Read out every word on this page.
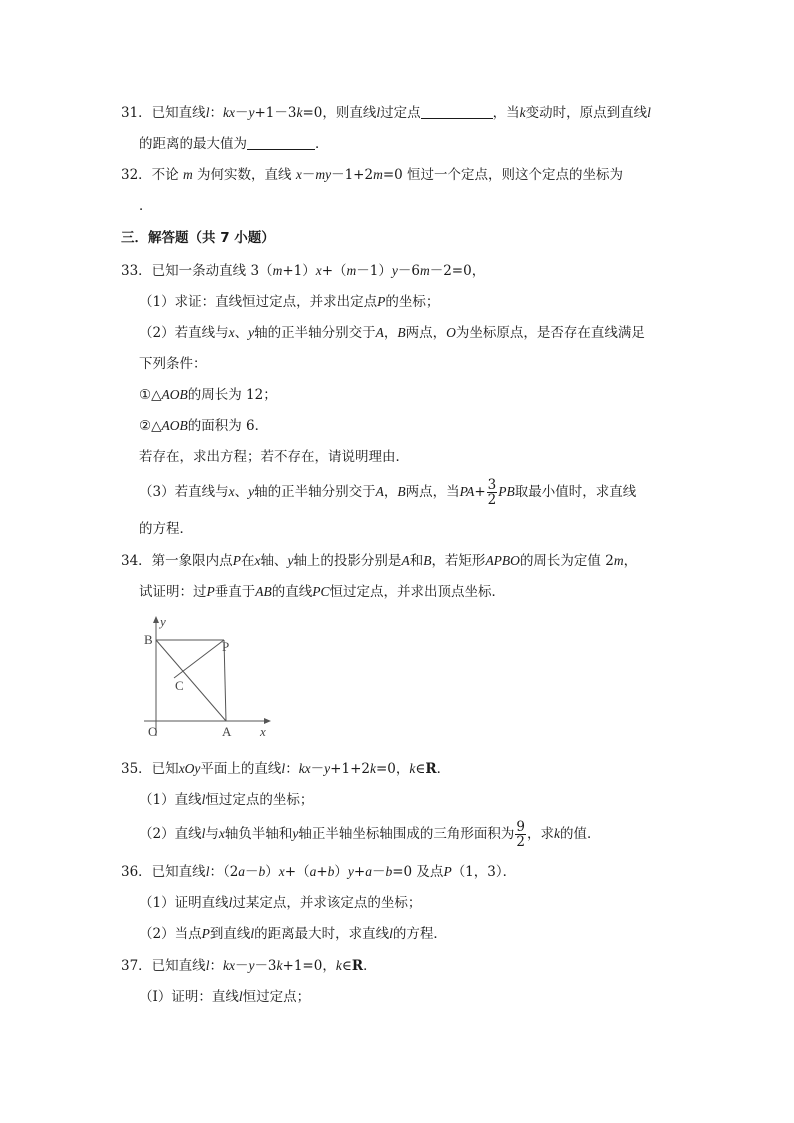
31．已知直线l：kx－y+1－3k=0，则直线l过定点	，当k变动时，原点到直线l
的距离的最大值为	．
32．不论 m 为何实数，直线 x－my－1+2m=0 恒过一个定点，则这个定点的坐标为
．
三．解答题（共 7 小题）
33．已知一条动直线 3（m+1）x+（m－1）y－6m－2=0，
（1）求证：直线恒过定点，并求出定点P的坐标；
（2）若直线与x、y轴的正半轴分别交于A，B两点，O为坐标原点，是否存在直线满足
下列条件：
①△AOB的周长为 12；
②△AOB的面积为 6．
若存在，求出方程；若不存在，请说明理由．
（3）若直线与x、y轴的正半轴分别交于A，B两点，当$PA+ \frac{3}{2}$ PB取最小值时，求直线
的方程．
34．第一象限内点P在x轴、y轴上的投影分别是A和B，若矩形APBO的周长为定值 2m，
试证明：过P垂直于AB的直线PC恒过定点，并求出顶点坐标．
B
y
P
C
O	A x
35．已知xOy平面上的直线l：kx－y+1+2k=0，k∈R．
（1）直线l恒过定点的坐标；
（2）直线l与x轴负半轴和y轴正半轴坐标轴围成的三角形面积为 $\frac{9}{2}$ ，求k的值．
36．已知直线l：（2a－b）x+（a+b）y+a－b=0 及点P（1，3）．
（1）证明直线l过某定点，并求该定点的坐标；
（2）当点P到直线l的距离最大时，求直线l的方程．
37．已知直线l：kx－y－3k+1=0，k∈R．
（Ⅰ）证明：直线l恒过定点；
